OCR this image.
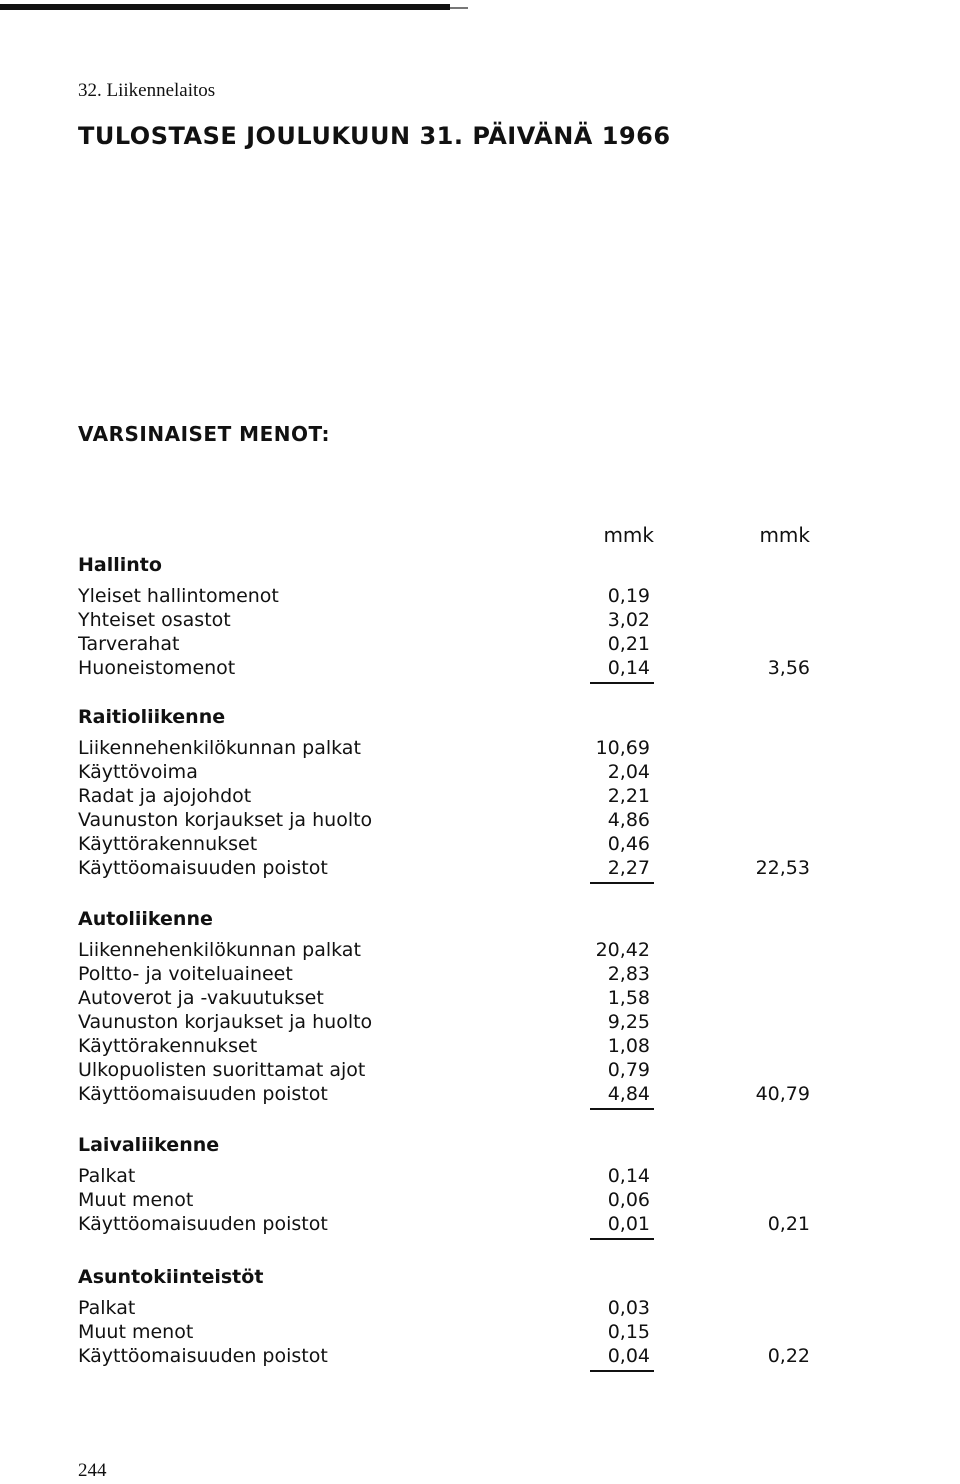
32. Liikennelaitos
TULOSTASE JOULUKUUN 31. PÄIVÄNÄ 1966
VARSINAISET MENOT:
mmk	mmk
Hallinto
Yleiset hallintomenot	0,19
Yhteiset osastot	3,02
Tarverahat	0,21
Huoneistomenot	0,14	3,56
Raitioliikenne
Liikennehenkilökunnan palkat	10,69
Käyttövoima	2,04
Radat ja ajojohdot	2,21
Vaunuston korjaukset ja huolto	4,86
Käyttörakennukset	0,46
Käyttöomaisuuden poistot	2,27	22,53
Autoliikenne
Liikennehenkilökunnan palkat	20,42
Poltto- ja voiteluaineet	2,83
Autoverot ja -vakuutukset	1,58
Vaunuston korjaukset ja huolto	9,25
Käyttörakennukset	1,08
Ulkopuolisten suorittamat ajot	0,79
Käyttöomaisuuden poistot	4,84	40,79
Laivaliikenne
Palkat	0,14
Muut menot	0,06
Käyttöomaisuuden poistot	0,01	0,21
Asuntokiinteistöt
Palkat	0,03
Muut menot	0,15
Käyttöomaisuuden poistot	0,04	0,22
244
